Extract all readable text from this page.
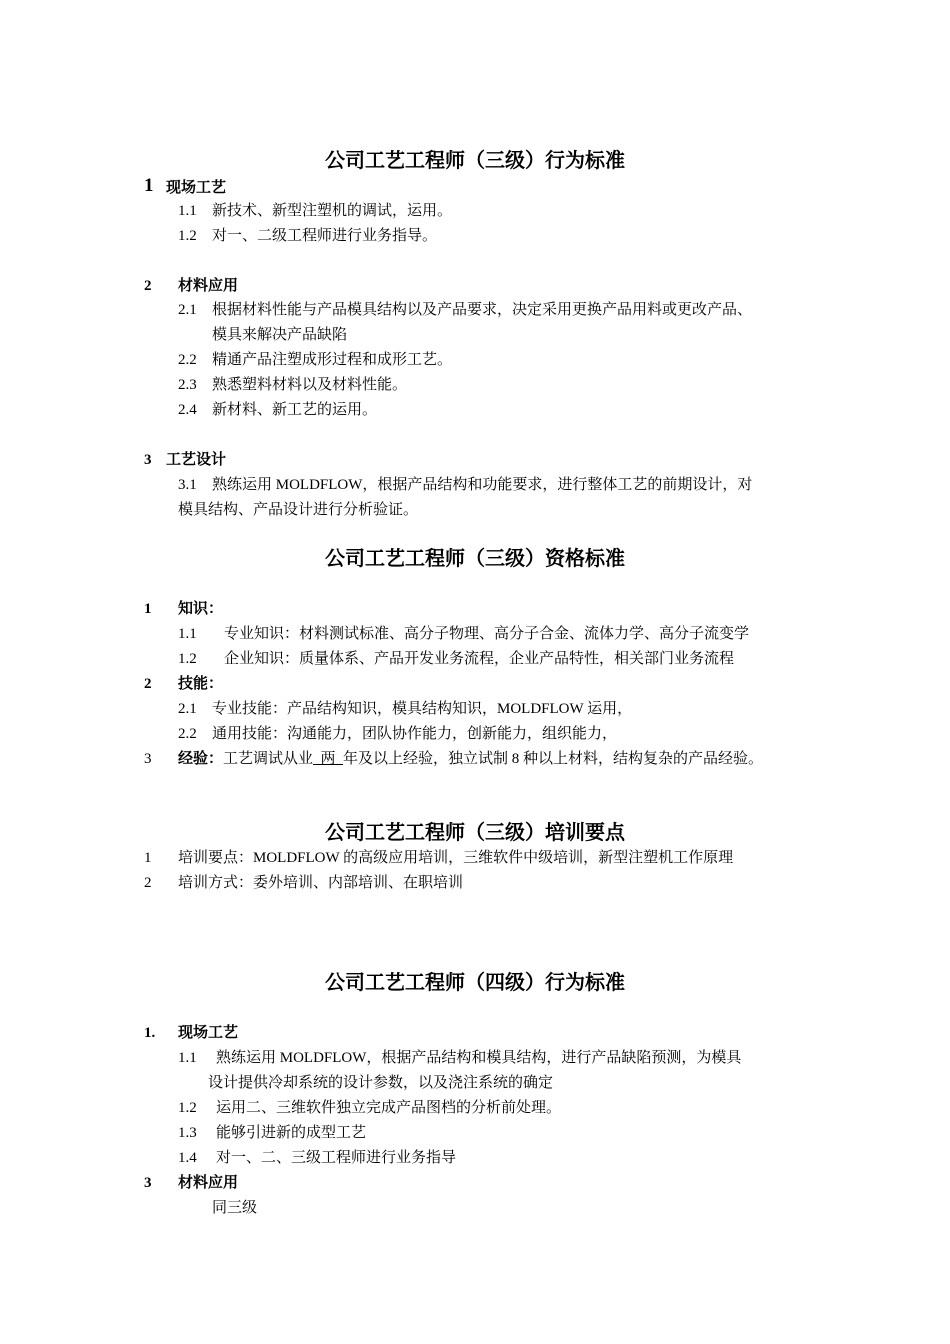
公司工艺工程师（三级）行为标准
1 现场工艺
1.1 新技术、新型注塑机的调试，运用。
1.2 对一、二级工程师进行业务指导。
2 材料应用
2.1 根据材料性能与产品模具结构以及产品要求，决定采用更换产品用料或更改产品、
模具来解决产品缺陷
2.2 精通产品注塑成形过程和成形工艺。
2.3 熟悉塑料材料以及材料性能。
2.4 新材料、新工艺的运用。
3 工艺设计
3.1 熟练运用 MOLDFLOW，根据产品结构和功能要求，进行整体工艺的前期设计，对
模具结构、产品设计进行分析验证。
公司工艺工程师（三级）资格标准
1 知识：
1.1 专业知识：材料测试标准、高分子物理、高分子合金、流体力学、高分子流变学
1.2 企业知识：质量体系、产品开发业务流程，企业产品特性，相关部门业务流程
2 技能：
2.1 专业技能：产品结构知识，模具结构知识，MOLDFLOW 运用，
2.2 通用技能：沟通能力，团队协作能力，创新能力，组织能力，
3 经验：工艺调试从业  两  年及以上经验，独立试制 8 种以上材料，结构复杂的产品经验。
公司工艺工程师（三级）培训要点
1 培训要点：MOLDFLOW 的高级应用培训，三维软件中级培训，新型注塑机工作原理
2 培训方式：委外培训、内部培训、在职培训
公司工艺工程师（四级）行为标准
1. 现场工艺
1.1 熟练运用 MOLDFLOW，根据产品结构和模具结构，进行产品缺陷预测，为模具
设计提供冷却系统的设计参数，以及浇注系统的确定
1.2 运用二、三维软件独立完成产品图档的分析前处理。
1.3 能够引进新的成型工艺
1.4 对一、二、三级工程师进行业务指导
3 材料应用
同三级
